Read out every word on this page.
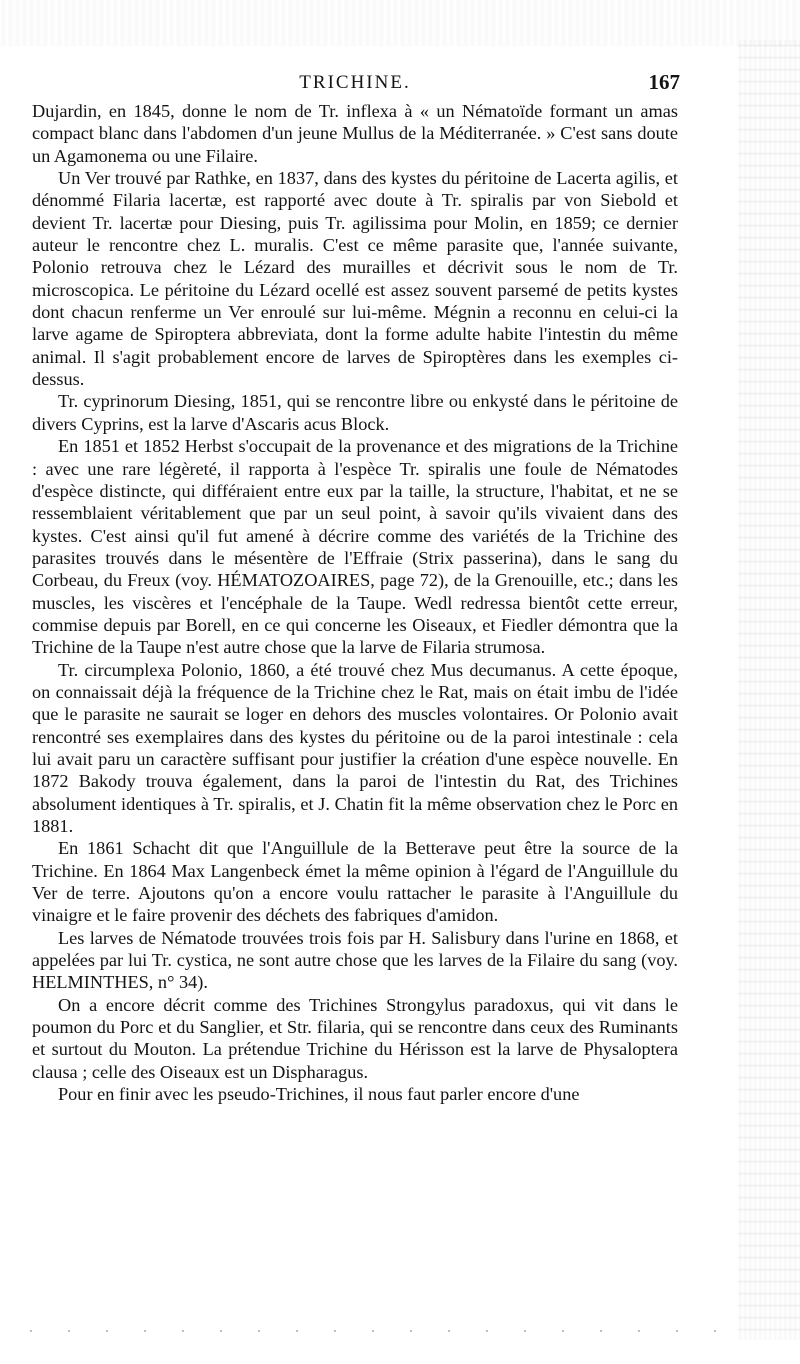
TRICHINE.	167

Dujardin, en 1845, donne le nom de Tr. inflexa à « un Nématoïde formant un amas compact blanc dans l'abdomen d'un jeune Mullus de la Méditerranée. » C'est sans doute un Agamonema ou une Filaire.

Un Ver trouvé par Rathke, en 1837, dans des kystes du péritoine de Lacerta agilis, et dénommé Filaria lacertæ, est rapporté avec doute à Tr. spiralis par von Siebold et devient Tr. lacertæ pour Diesing, puis Tr. agilissima pour Molin, en 1859; ce dernier auteur le rencontre chez L. muralis. C'est ce même parasite que, l'année suivante, Polonio retrouva chez le Lézard des murailles et décrivit sous le nom de Tr. microscopica. Le péritoine du Lézard ocellé est assez souvent parsemé de petits kystes dont chacun renferme un Ver enroulé sur lui-même. Mégnin a reconnu en celui-ci la larve agame de Spiroptera abbreviata, dont la forme adulte habite l'intestin du même animal. Il s'agit probablement encore de larves de Spiroptères dans les exemples ci-dessus.

Tr. cyprinorum Diesing, 1851, qui se rencontre libre ou enkysté dans le péritoine de divers Cyprins, est la larve d'Ascaris acus Block.

En 1851 et 1852 Herbst s'occupait de la provenance et des migrations de la Trichine : avec une rare légèreté, il rapporta à l'espèce Tr. spiralis une foule de Nématodes d'espèce distincte, qui différaient entre eux par la taille, la structure, l'habitat, et ne se ressemblaient véritablement que par un seul point, à savoir qu'ils vivaient dans des kystes. C'est ainsi qu'il fut amené à décrire comme des variétés de la Trichine des parasites trouvés dans le mésentère de l'Effraie (Strix passerina), dans le sang du Corbeau, du Freux (voy. HÉMATOZOAIRES, page 72), de la Grenouille, etc.; dans les muscles, les viscères et l'encéphale de la Taupe. Wedl redressa bientôt cette erreur, commise depuis par Borell, en ce qui concerne les Oiseaux, et Fiedler démontra que la Trichine de la Taupe n'est autre chose que la larve de Filaria strumosa.

Tr. circumplexa Polonio, 1860, a été trouvé chez Mus decumanus. A cette époque, on connaissait déjà la fréquence de la Trichine chez le Rat, mais on était imbu de l'idée que le parasite ne saurait se loger en dehors des muscles volontaires. Or Polonio avait rencontré ses exemplaires dans des kystes du péritoine ou de la paroi intestinale : cela lui avait paru un caractère suffisant pour justifier la création d'une espèce nouvelle. En 1872 Bakody trouva également, dans la paroi de l'intestin du Rat, des Trichines absolument identiques à Tr. spiralis, et J. Chatin fit la même observation chez le Porc en 1881.

En 1861 Schacht dit que l'Anguillule de la Betterave peut être la source de la Trichine. En 1864 Max Langenbeck émet la même opinion à l'égard de l'Anguillule du Ver de terre. Ajoutons qu'on a encore voulu rattacher le parasite à l'Anguillule du vinaigre et le faire provenir des déchets des fabriques d'amidon.

Les larves de Nématode trouvées trois fois par H. Salisbury dans l'urine en 1868, et appelées par lui Tr. cystica, ne sont autre chose que les larves de la Filaire du sang (voy. HELMINTHES, n° 34).

On a encore décrit comme des Trichines Strongylus paradoxus, qui vit dans le poumon du Porc et du Sanglier, et Str. filaria, qui se rencontre dans ceux des Ruminants et surtout du Mouton. La prétendue Trichine du Hérisson est la larve de Physaloptera clausa ; celle des Oiseaux est un Dispharagus.

Pour en finir avec les pseudo-Trichines, il nous faut parler encore d'une
